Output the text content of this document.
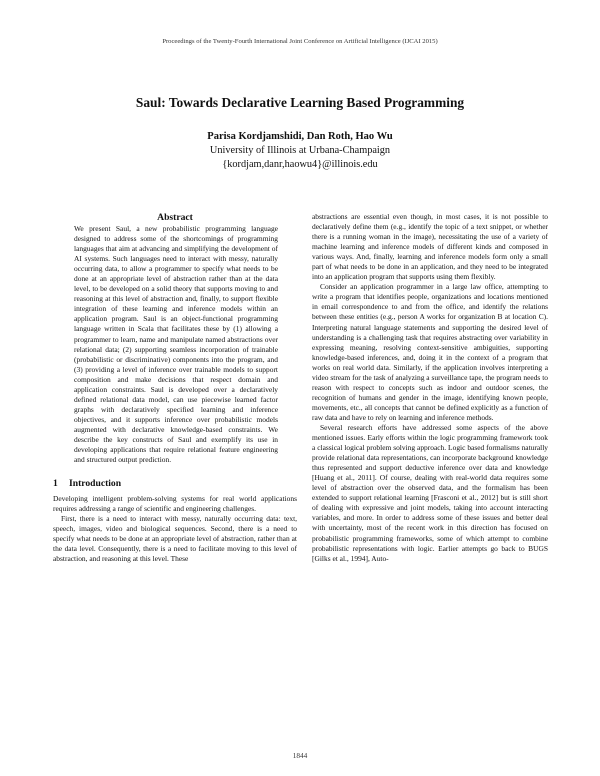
Proceedings of the Twenty-Fourth International Joint Conference on Artificial Intelligence (IJCAI 2015)
Saul: Towards Declarative Learning Based Programming
Parisa Kordjamshidi, Dan Roth, Hao Wu
University of Illinois at Urbana-Champaign
{kordjam,danr,haowu4}@illinois.edu

Abstract

We present Saul, a new probabilistic programming language designed to address some of the shortcomings of programming languages that aim at advancing and simplifying the development of AI systems. Such languages need to interact with messy, naturally occurring data, to allow a programmer to specify what needs to be done at an appropriate level of abstraction rather than at the data level, to be developed on a solid theory that supports moving to and reasoning at this level of abstraction and, finally, to support flexible integration of these learning and inference models within an application program. Saul is an object-functional programming language written in Scala that facilitates these by (1) allowing a programmer to learn, name and manipulate named abstractions over relational data; (2) supporting seamless incorporation of trainable (probabilistic or discriminative) components into the program, and (3) providing a level of inference over trainable models to support composition and make decisions that respect domain and application constraints. Saul is developed over a declaratively defined relational data model, can use piecewise learned factor graphs with declaratively specified learning and inference objectives, and it supports inference over probabilistic models augmented with declarative knowledge-based constraints. We describe the key constructs of Saul and exemplify its use in developing applications that require relational feature engineering and structured output prediction.

1 Introduction

Developing intelligent problem-solving systems for real world applications requires addressing a range of scientific and engineering challenges.

First, there is a need to interact with messy, naturally occurring data: text, speech, images, video and biological sequences. Second, there is a need to specify what needs to be done at an appropriate level of abstraction, rather than at the data level. Consequently, there is a need to facilitate moving to this level of abstraction, and reasoning at this level. These

abstractions are essential even though, in most cases, it is not possible to declaratively define them (e.g., identify the topic of a text snippet, or whether there is a running woman in the image), necessitating the use of a variety of machine learning and inference models of different kinds and composed in various ways. And, finally, learning and inference models form only a small part of what needs to be done in an application, and they need to be integrated into an application program that supports using them flexibly.

Consider an application programmer in a large law office, attempting to write a program that identifies people, organizations and locations mentioned in email correspondence to and from the office, and identify the relations between these entities (e.g., person A works for organization B at location C). Interpreting natural language statements and supporting the desired level of understanding is a challenging task that requires abstracting over variability in expressing meaning, resolving context-sensitive ambiguities, supporting knowledge-based inferences, and, doing it in the context of a program that works on real world data. Similarly, if the application involves interpreting a video stream for the task of analyzing a surveillance tape, the program needs to reason with respect to concepts such as indoor and outdoor scenes, the recognition of humans and gender in the image, identifying known people, movements, etc., all concepts that cannot be defined explicitly as a function of raw data and have to rely on learning and inference methods.

Several research efforts have addressed some aspects of the above mentioned issues. Early efforts within the logic programming framework took a classical logical problem solving approach. Logic based formalisms naturally provide relational data representations, can incorporate background knowledge thus represented and support deductive inference over data and knowledge [Huang et al., 2011]. Of course, dealing with real-world data requires some level of abstraction over the observed data, and the formalism has been extended to support relational learning [Frasconi et al., 2012] but is still short of dealing with expressive and joint models, taking into account interacting variables, and more. In order to address some of these issues and better deal with uncertainty, most of the recent work in this direction has focused on probabilistic programming frameworks, some of which attempt to combine probabilistic representations with logic. Earlier attempts go back to BUGS [Gilks et al., 1994], Auto-

1844
